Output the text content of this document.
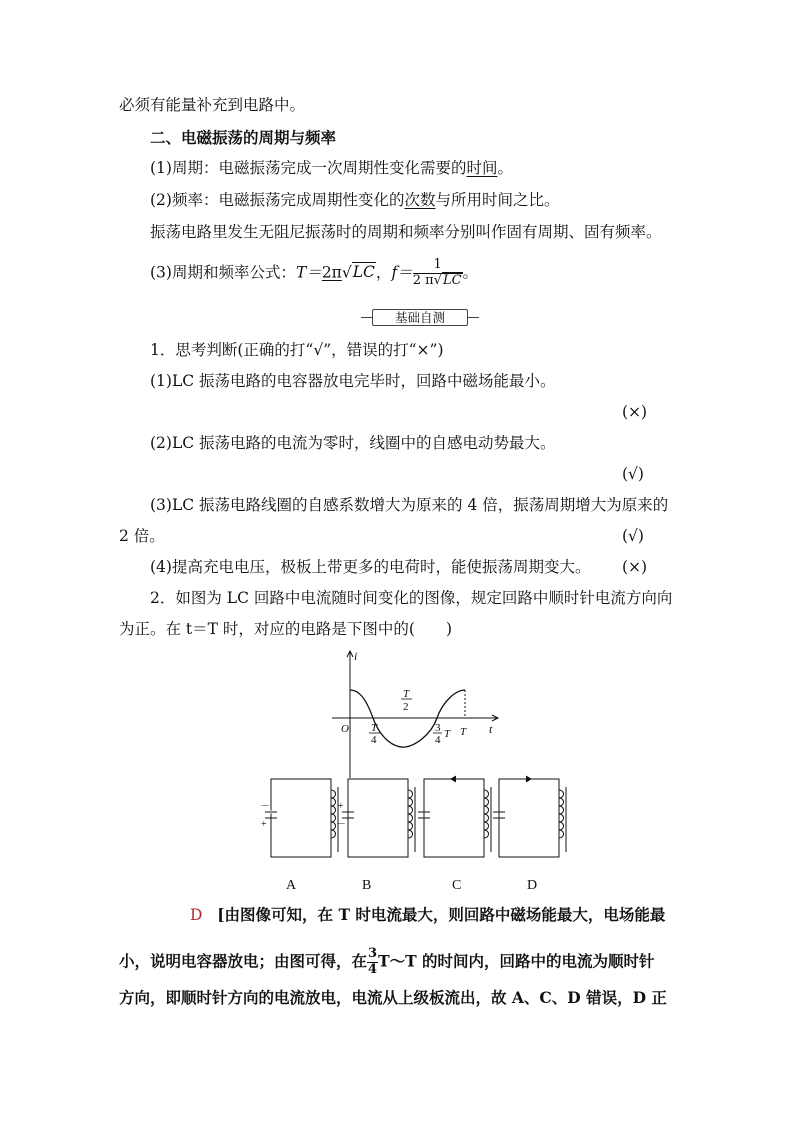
必须有能量补充到电路中。
二、电磁振荡的周期与频率
(1)周期：电磁振荡完成一次周期性变化需要的时间。
(2)频率：电磁振荡完成周期性变化的次数与所用时间之比。
振荡电路里发生无阻尼振荡时的周期和频率分别叫作固有周期、固有频率。
(3)周期和频率公式：T＝2π√LC，$f= \frac{1}{2 \pi√LC}$ 。
基础自测
1．思考判断(正确的打“√”，错误的打“×”)
(1)LC 振荡电路的电容器放电完毕时，回路中磁场能最小。
(×)
(2)LC 振荡电路的电流为零时，线圈中的自感电动势最大。
(√)
(3)LC 振荡电路线圈的自感系数增大为原来的 4 倍，振荡周期增大为原来的
2 倍。	(√)
(4)提高充电电压，极板上带更多的电荷时，能使振荡周期变大。 (×)
2．如图为 LC 回路中电流随时间变化的图像，规定回路中顺时针电流方向向
为正。在 t＝T 时，对应的电路是下图中的(　　)
i
t
O T
4
T
2
3
4 T T
－
+
+
－
A	B	C	D
D [由图像可知，在 T 时电流最大，则回路中磁场能最大，电场能最
小，说明电容器放电；由图可得，在 $\frac{3}{4}$ T～T 的时间内，回路中的电流为顺时针
方向，即顺时针方向的电流放电，电流从上级板流出，故 A、C、D 错误，D 正
